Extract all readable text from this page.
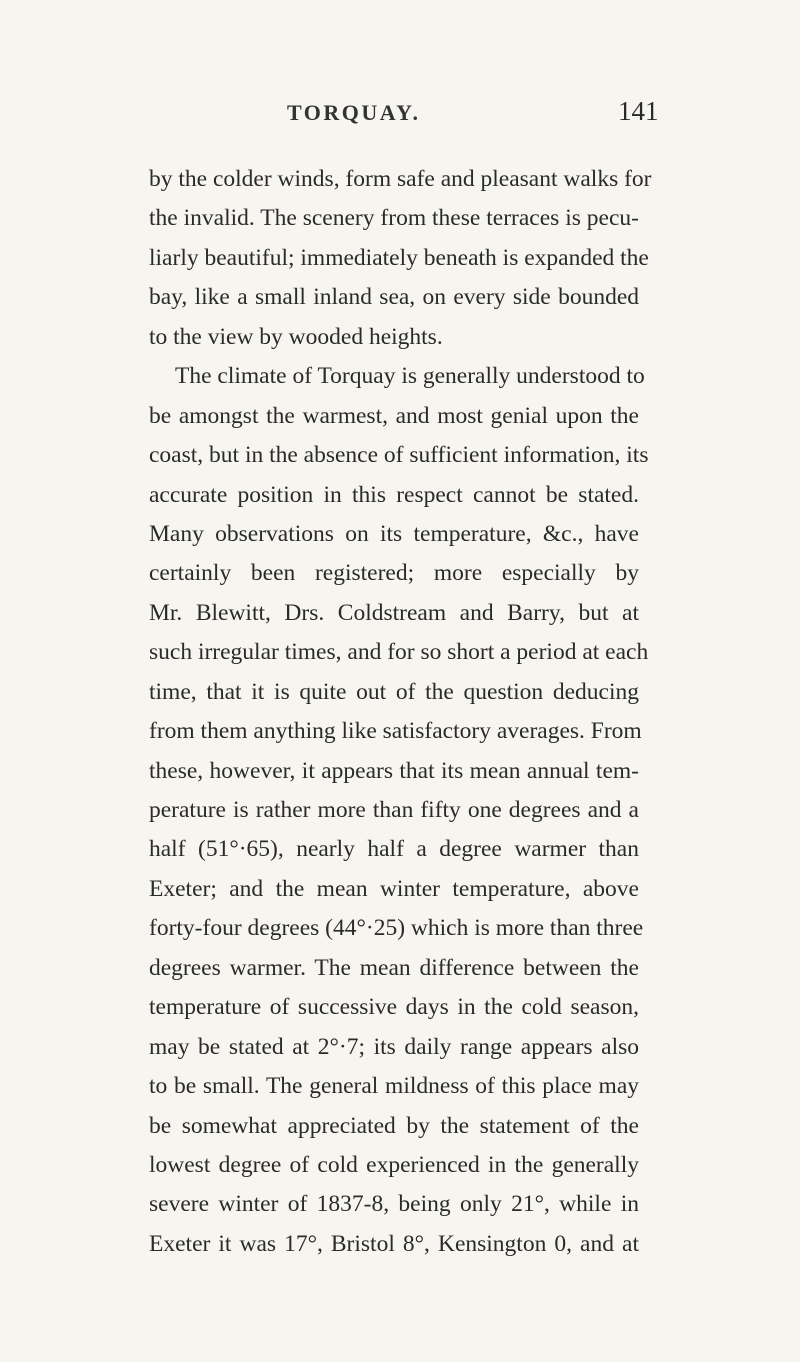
TORQUAY.	141
by the colder winds, form safe and pleasant walks for
the invalid. The scenery from these terraces is pecu-
liarly beautiful; immediately beneath is expanded the
bay, like a small inland sea, on every side bounded
to the view by wooded heights.
The climate of Torquay is generally understood to
be amongst the warmest, and most genial upon the
coast, but in the absence of sufficient information, its
accurate position in this respect cannot be stated.
Many observations on its temperature, &c., have
certainly been registered; more especially by
Mr. Blewitt, Drs. Coldstream and Barry, but at
such irregular times, and for so short a period at each
time, that it is quite out of the question deducing
from them anything like satisfactory averages. From
these, however, it appears that its mean annual tem-
perature is rather more than fifty one degrees and a
half (51°·65), nearly half a degree warmer than
Exeter; and the mean winter temperature, above
forty-four degrees (44°·25) which is more than three
degrees warmer. The mean difference between the
temperature of successive days in the cold season,
may be stated at 2°·7; its daily range appears also
to be small. The general mildness of this place may
be somewhat appreciated by the statement of the
lowest degree of cold experienced in the generally
severe winter of 1837-8, being only 21°, while in
Exeter it was 17°, Bristol 8°, Kensington 0, and at
